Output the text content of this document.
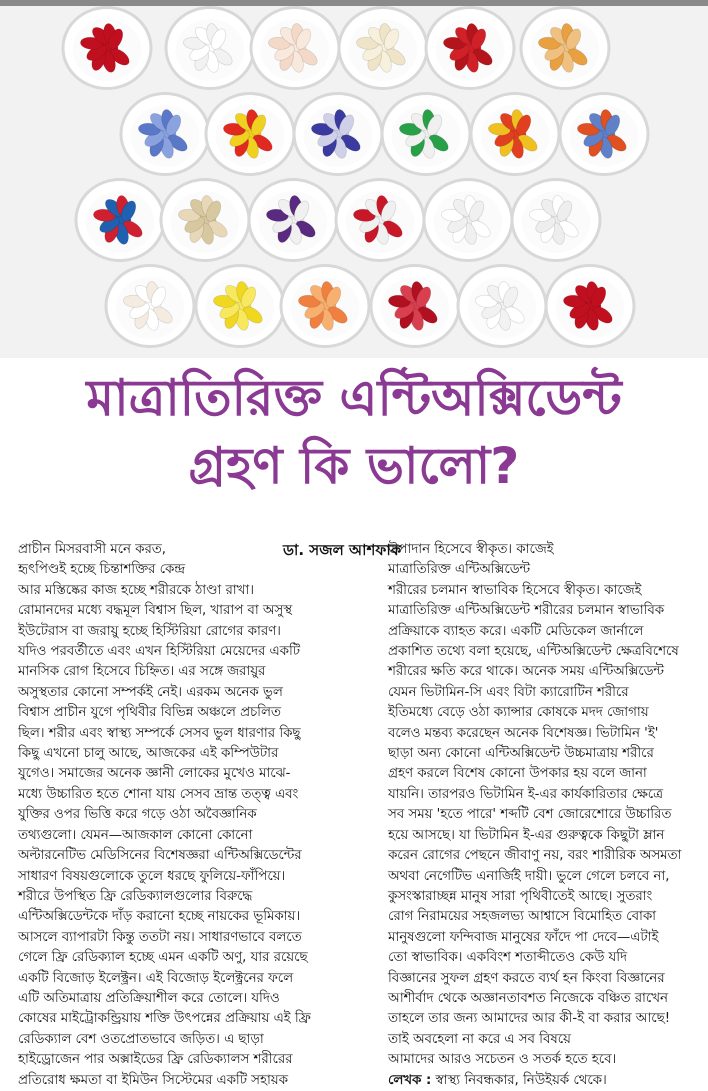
মাত্রাতিরিক্ত এন্টিঅক্সিডেন্ট
গ্রহণ কি ভালো?
প্রাচীন মিসরবাসী মনে করত,
হৃৎপিণ্ডই হচ্ছে চিন্তাশক্তির কেন্দ্র
আর মস্তিষ্কের কাজ হচ্ছে শরীরকে ঠাণ্ডা রাখা।
রোমানদের মধ্যে বদ্ধমূল বিশ্বাস ছিল, খারাপ বা অসুস্থ
ইউটেরাস বা জরায়ু হচ্ছে হিস্টিরিয়া রোগের কারণ।
যদিও পরবর্তীতে এবং এখন হিস্টিরিয়া মেয়েদের একটি
মানসিক রোগ হিসেবে চিহ্নিত। এর সঙ্গে জরায়ুর
অসুস্থতার কোনো সম্পর্কই নেই। এরকম অনেক ভুল
বিশ্বাস প্রাচীন যুগে পৃথিবীর বিভিন্ন অঞ্চলে প্রচলিত
ছিল। শরীর এবং স্বাস্থ্য সম্পর্কে সেসব ভুল ধারণার কিছু
কিছু এখনো চালু আছে, আজকের এই কম্পিউটার
যুগেও। সমাজের অনেক জ্ঞানী লোকের মুখেও মাঝে-
মধ্যে উচ্চারিত হতে শোনা যায় সেসব ভ্রান্ত তত্ত্ব এবং
যুক্তির ওপর ভিত্তি করে গড়ে ওঠা অবৈজ্ঞানিক
তথ্যগুলো। যেমন—আজকাল কোনো কোনো
অল্টারনেটিভ মেডিসিনের বিশেষজ্ঞরা এন্টিঅক্সিডেন্টের
সাধারণ বিষয়গুলোকে তুলে ধরছে ফুলিয়ে-ফাঁপিয়ে।
শরীরে উপস্থিত ফ্রি রেডিক্যালগুলোর বিরুদ্ধে
এন্টিঅক্সিডেন্টকে দাঁড় করানো হচ্ছে নায়কের ভূমিকায়।
আসলে ব্যাপারটা কিন্তু ততটা নয়। সাধারণভাবে বলতে
গেলে ফ্রি রেডিক্যাল হচ্ছে এমন একটি অণু, যার রয়েছে
একটি বিজোড় ইলেক্ট্রন। এই বিজোড় ইলেক্ট্রনের ফলে
এটি অতিমাত্রায় প্রতিক্রিয়াশীল করে তোলে। যদিও
কোষের মাইট্রোকন্ড্রিয়ায় শক্তি উৎপন্নের প্রক্রিয়ায় এই ফ্রি
রেডিক্যাল বেশ ওতপ্রোতভাবে জড়িত। এ ছাড়া
হাইড্রোজেন পার অক্সাইডের ফ্রি রেডিক্যালস শরীরের
প্রতিরোধ ক্ষমতা বা ইমিউন সিস্টেমের একটি সহায়ক
ডা. সজল আশফাক
উপাদান হিসেবে স্বীকৃত। কাজেই
মাত্রাতিরিক্ত এন্টিঅক্সিডেন্ট
শরীরের চলমান স্বাভাবিক হিসেবে স্বীকৃত। কাজেই
মাত্রাতিরিক্ত এন্টিঅক্সিডেন্ট শরীরের চলমান স্বাভাবিক
প্রক্রিয়াকে ব্যাহত করে। একটি মেডিকেল জার্নালে
প্রকাশিত তথ্যে বলা হয়েছে, এন্টিঅক্সিডেন্ট ক্ষেত্রবিশেষে
শরীরের ক্ষতি করে থাকে। অনেক সময় এন্টিঅক্সিডেন্ট
যেমন ভিটামিন-সি এবং বিটা ক্যারোটিন শরীরে
ইতিমধ্যে বেড়ে ওঠা ক্যান্সার কোষকে মদদ জোগায়
বলেও মন্তব্য করেছেন অনেক বিশেষজ্ঞ। ভিটামিন 'ই'
ছাড়া অন্য কোনো এন্টিঅক্সিডেন্ট উচ্চমাত্রায় শরীরে
গ্রহণ করলে বিশেষ কোনো উপকার হয় বলে জানা
যায়নি। তারপরও ভিটামিন ই-এর কার্যকারিতার ক্ষেত্রে
সব সময় 'হতে পারে' শব্দটি বেশ জোরেশোরে উচ্চারিত
হয়ে আসছে। যা ভিটামিন ই-এর গুরুত্বকে কিছুটা ম্লান
করেন রোগের পেছনে জীবাণু নয়, বরং শারীরিক অসমতা
অথবা নেগেটিভ এনার্জিই দায়ী। ভুলে গেলে চলবে না,
কুসংস্কারাচ্ছন্ন মানুষ সারা পৃথিবীতেই আছে। সুতরাং
রোগ নিরাময়ের সহজলভ্য আশ্বাসে বিমোহিত বোকা
মানুষগুলো ফন্দিবাজ মানুষের ফাঁদে পা দেবে—এটাই
তো স্বাভাবিক। একবিংশ শতাব্দীতেও কেউ যদি
বিজ্ঞানের সুফল গ্রহণ করতে ব্যর্থ হন কিংবা বিজ্ঞানের
আশীর্বাদ থেকে অজ্ঞানতাবশত নিজেকে বঞ্চিত রাখেন
তাহলে তার জন্য আমাদের আর কী-ই বা করার আছে!
তাই অবহেলা না করে এ সব বিষয়ে
আমাদের আরও সচেতন ও সতর্ক হতে হবে।
লেখক : স্বাস্থ্য নিবন্ধকার, নিউইয়র্ক থেকে।
